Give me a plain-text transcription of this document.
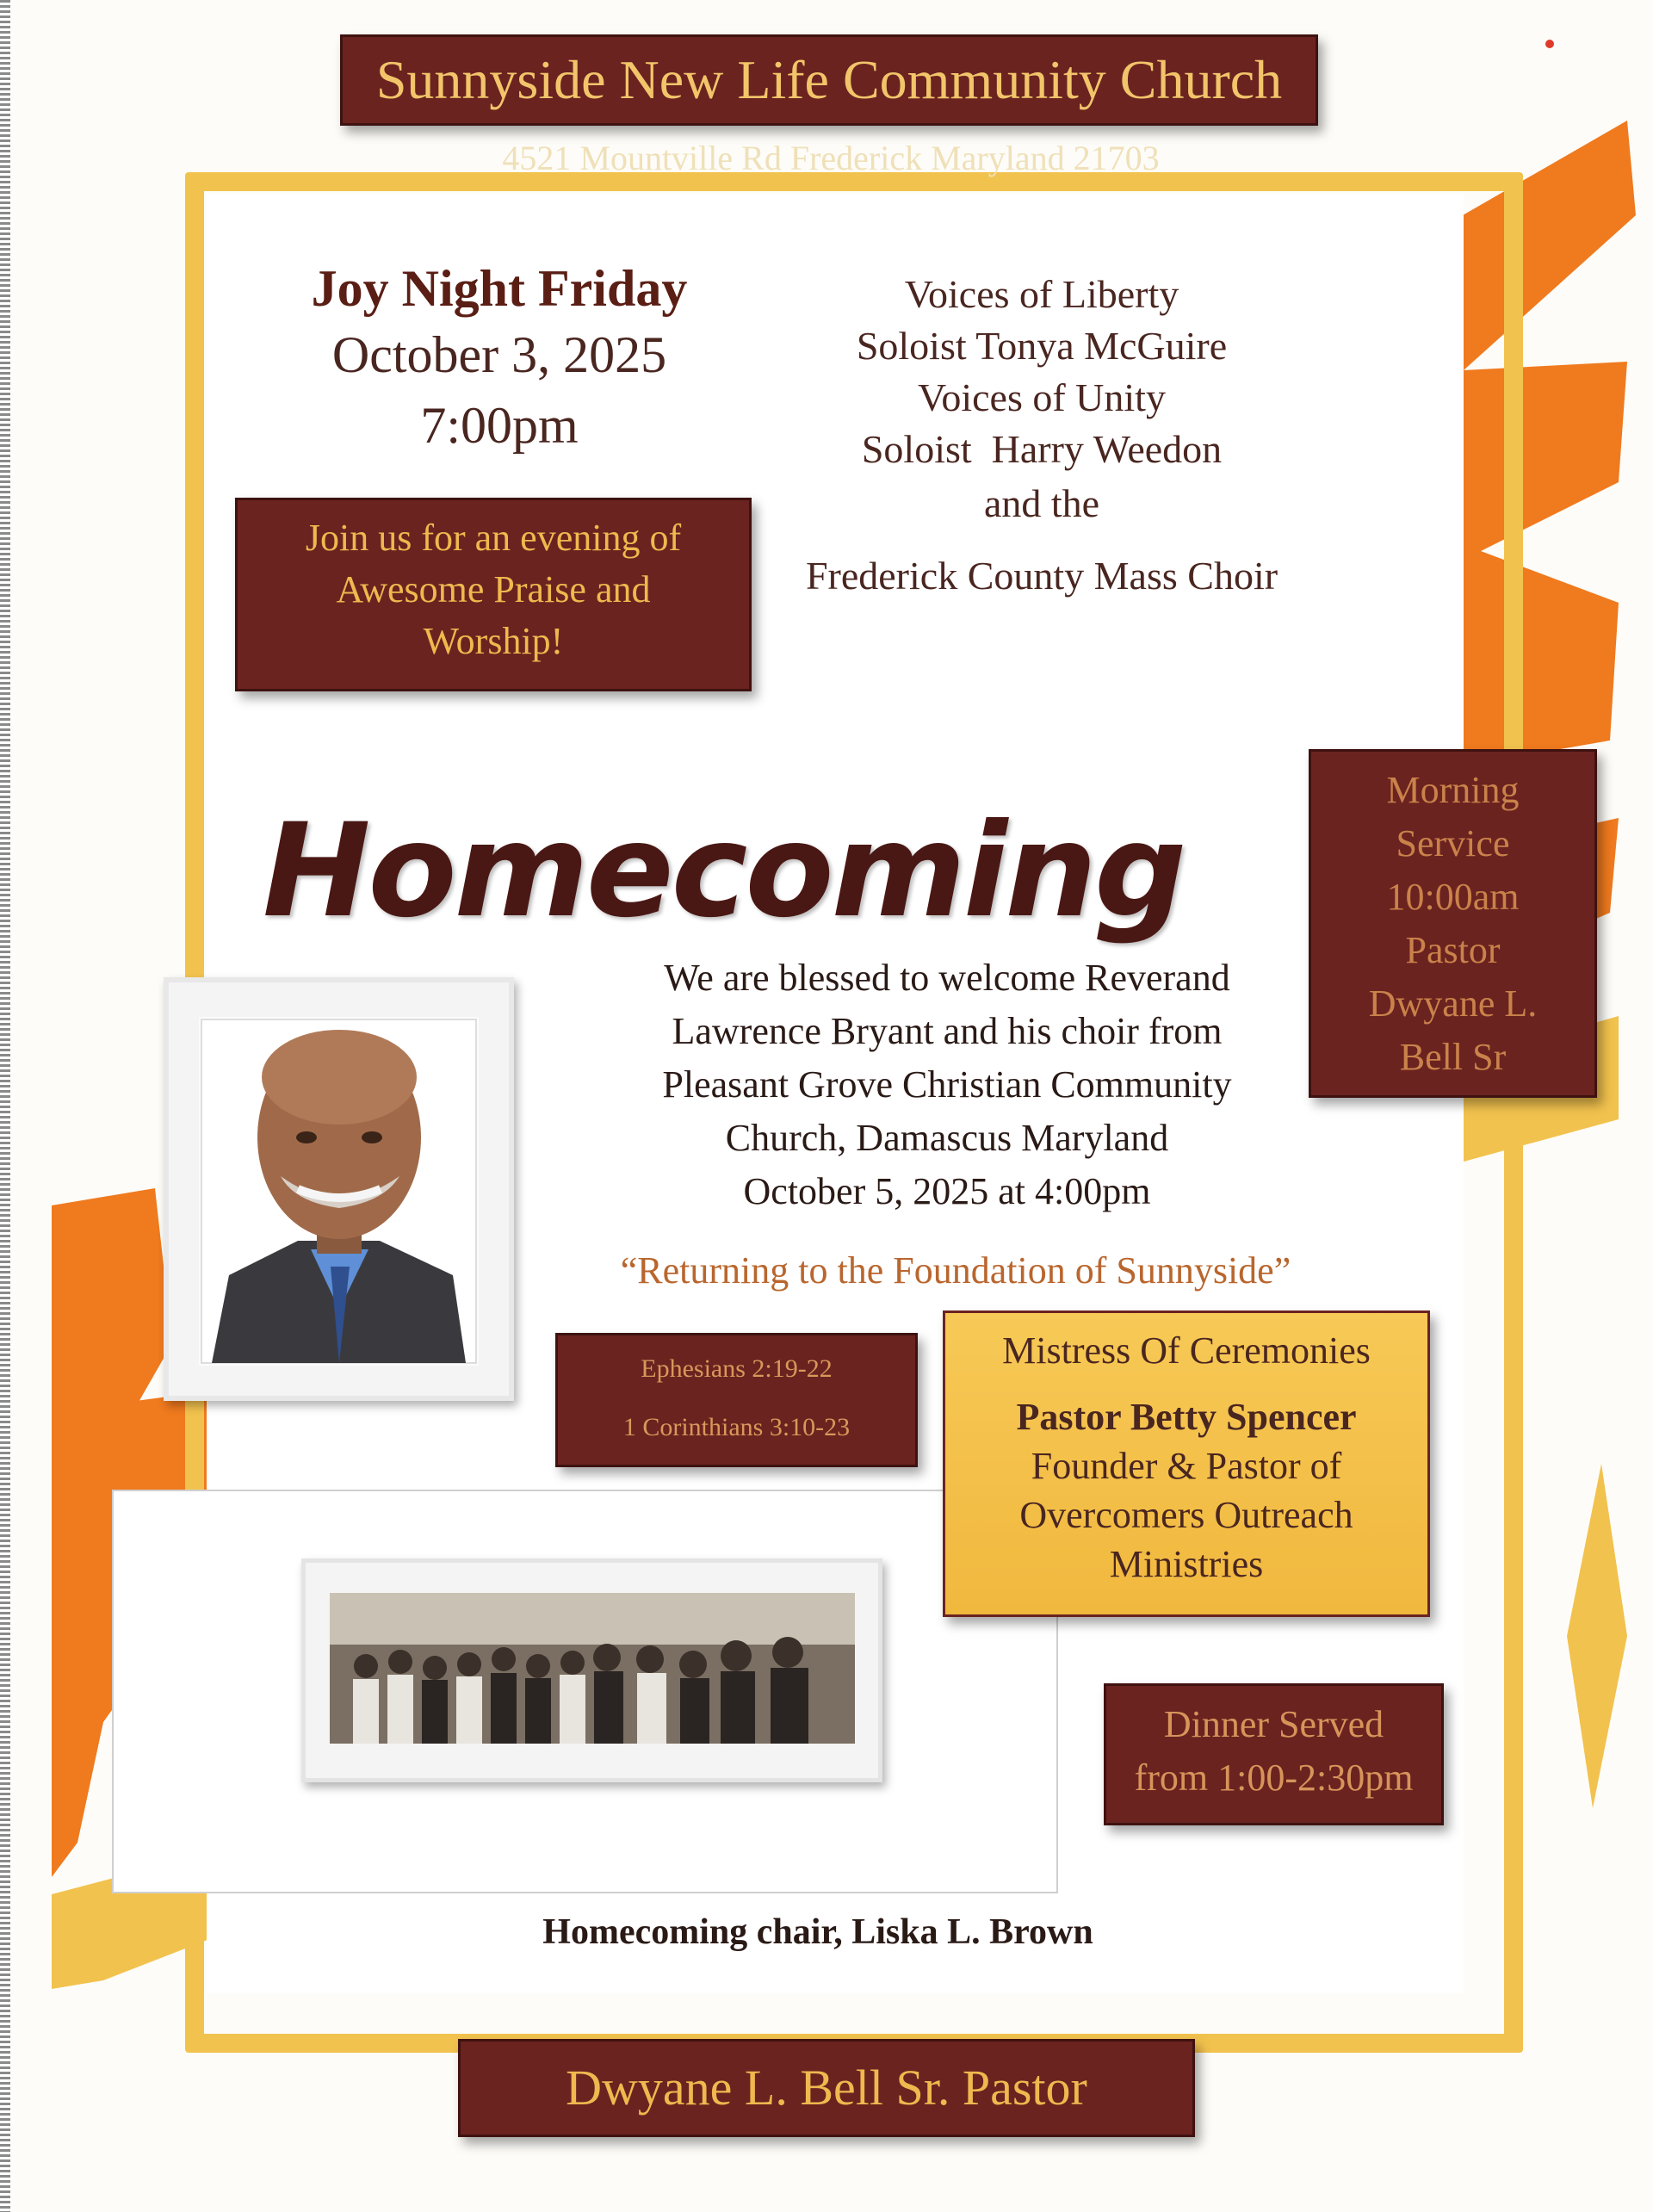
Sunnyside New Life Community Church
4521 Mountville Rd Frederick Maryland 21703
Joy Night Friday
October 3, 2025
7:00pm
Join us for an evening of
Awesome Praise and
Worship!
Voices of Liberty
Soloist Tonya McGuire
Voices of Unity
Soloist  Harry Weedon
and the
Frederick County Mass Choir
Homecoming
We are blessed to welcome Reverand
Lawrence Bryant and his choir from
Pleasant Grove Christian Community
Church, Damascus Maryland
October 5, 2025 at 4:00pm
“Returning to the Foundation of Sunnyside”
Morning
Service
10:00am
Pastor
Dwyane L.
Bell Sr
Ephesians 2:19-22
1 Corinthians 3:10-23
Mistress Of Ceremonies
Pastor Betty Spencer
Founder & Pastor of
Overcomers Outreach
Ministries
Dinner Served
from 1:00-2:30pm
Homecoming chair, Liska L. Brown
Dwyane L. Bell Sr. Pastor
